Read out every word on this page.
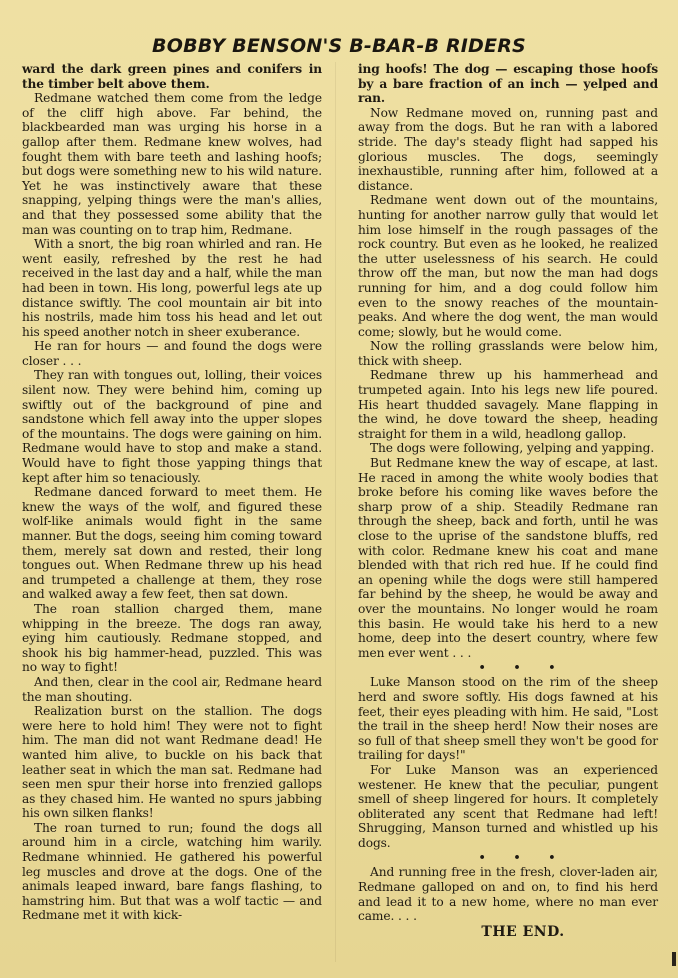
BOBBY BENSON'S B-BAR-B RIDERS

ward the dark green pines and conifers in the timber belt above them.

Redmane watched them come from the ledge of the cliff high above. Far behind, the blackbearded man was urging his horse in a gallop after them. Redmane knew wolves, had fought them with bare teeth and lashing hoofs; but dogs were something new to his wild nature. Yet he was instinctively aware that these snapping, yelping things were the man's allies, and that they possessed some ability that the man was counting on to trap him, Redmane.

With a snort, the big roan whirled and ran. He went easily, refreshed by the rest he had received in the last day and a half, while the man had been in town. His long, powerful legs ate up distance swiftly. The cool mountain air bit into his nostrils, made him toss his head and let out his speed another notch in sheer exuberance.

He ran for hours — and found the dogs were closer . . .

They ran with tongues out, lolling, their voices silent now. They were behind him, coming up swiftly out of the background of pine and sandstone which fell away into the upper slopes of the mountains. The dogs were gaining on him. Redmane would have to stop and make a stand. Would have to fight those yapping things that kept after him so tenaciously.

Redmane danced forward to meet them. He knew the ways of the wolf, and figured these wolf-like animals would fight in the same manner. But the dogs, seeing him coming toward them, merely sat down and rested, their long tongues out. When Redmane threw up his head and trumpeted a challenge at them, they rose and walked away a few feet, then sat down.

The roan stallion charged them, mane whipping in the breeze. The dogs ran away, eying him cautiously. Redmane stopped, and shook his big hammer-head, puzzled. This was no way to fight!

And then, clear in the cool air, Redmane heard the man shouting.

Realization burst on the stallion. The dogs were here to hold him! They were not to fight him. The man did not want Redmane dead! He wanted him alive, to buckle on his back that leather seat in which the man sat. Redmane had seen men spur their horse into frenzied gallops as they chased him. He wanted no spurs jabbing his own silken flanks!

The roan turned to run; found the dogs all around him in a circle, watching him warily. Redmane whinnied. He gathered his powerful leg muscles and drove at the dogs. One of the animals leaped inward, bare fangs flashing, to hamstring him. But that was a wolf tactic — and Redmane met it with kick-

ing hoofs! The dog — escaping those hoofs by a bare fraction of an inch — yelped and ran.

Now Redmane moved on, running past and away from the dogs. But he ran with a labored stride. The day's steady flight had sapped his glorious muscles. The dogs, seemingly inexhaustible, running after him, followed at a distance.

Redmane went down out of the mountains, hunting for another narrow gully that would let him lose himself in the rough passages of the rock country. But even as he looked, he realized the utter uselessness of his search. He could throw off the man, but now the man had dogs running for him, and a dog could follow him even to the snowy reaches of the mountain-peaks. And where the dog went, the man would come; slowly, but he would come.

Now the rolling grasslands were below him, thick with sheep.

Redmane threw up his hammerhead and trumpeted again. Into his legs new life poured. His heart thudded savagely. Mane flapping in the wind, he dove toward the sheep, heading straight for them in a wild, headlong gallop.

The dogs were following, yelping and yapping.

But Redmane knew the way of escape, at last. He raced in among the white wooly bodies that broke before his coming like waves before the sharp prow of a ship. Steadily Redmane ran through the sheep, back and forth, until he was close to the uprise of the sandstone bluffs, red with color. Redmane knew his coat and mane blended with that rich red hue. If he could find an opening while the dogs were still hampered far behind by the sheep, he would be away and over the mountains. No longer would he roam this basin. He would take his herd to a new home, deep into the desert country, where few men ever went . . .

• • •

Luke Manson stood on the rim of the sheep herd and swore softly. His dogs fawned at his feet, their eyes pleading with him. He said, "Lost the trail in the sheep herd! Now their noses are so full of that sheep smell they won't be good for trailing for days!"

For Luke Manson was an experienced westener. He knew that the peculiar, pungent smell of sheep lingered for hours. It completely obliterated any scent that Redmane had left! Shrugging, Manson turned and whistled up his dogs.

• • •

And running free in the fresh, clover-laden air, Redmane galloped on and on, to find his herd and lead it to a new home, where no man ever came. . . .

THE END.
